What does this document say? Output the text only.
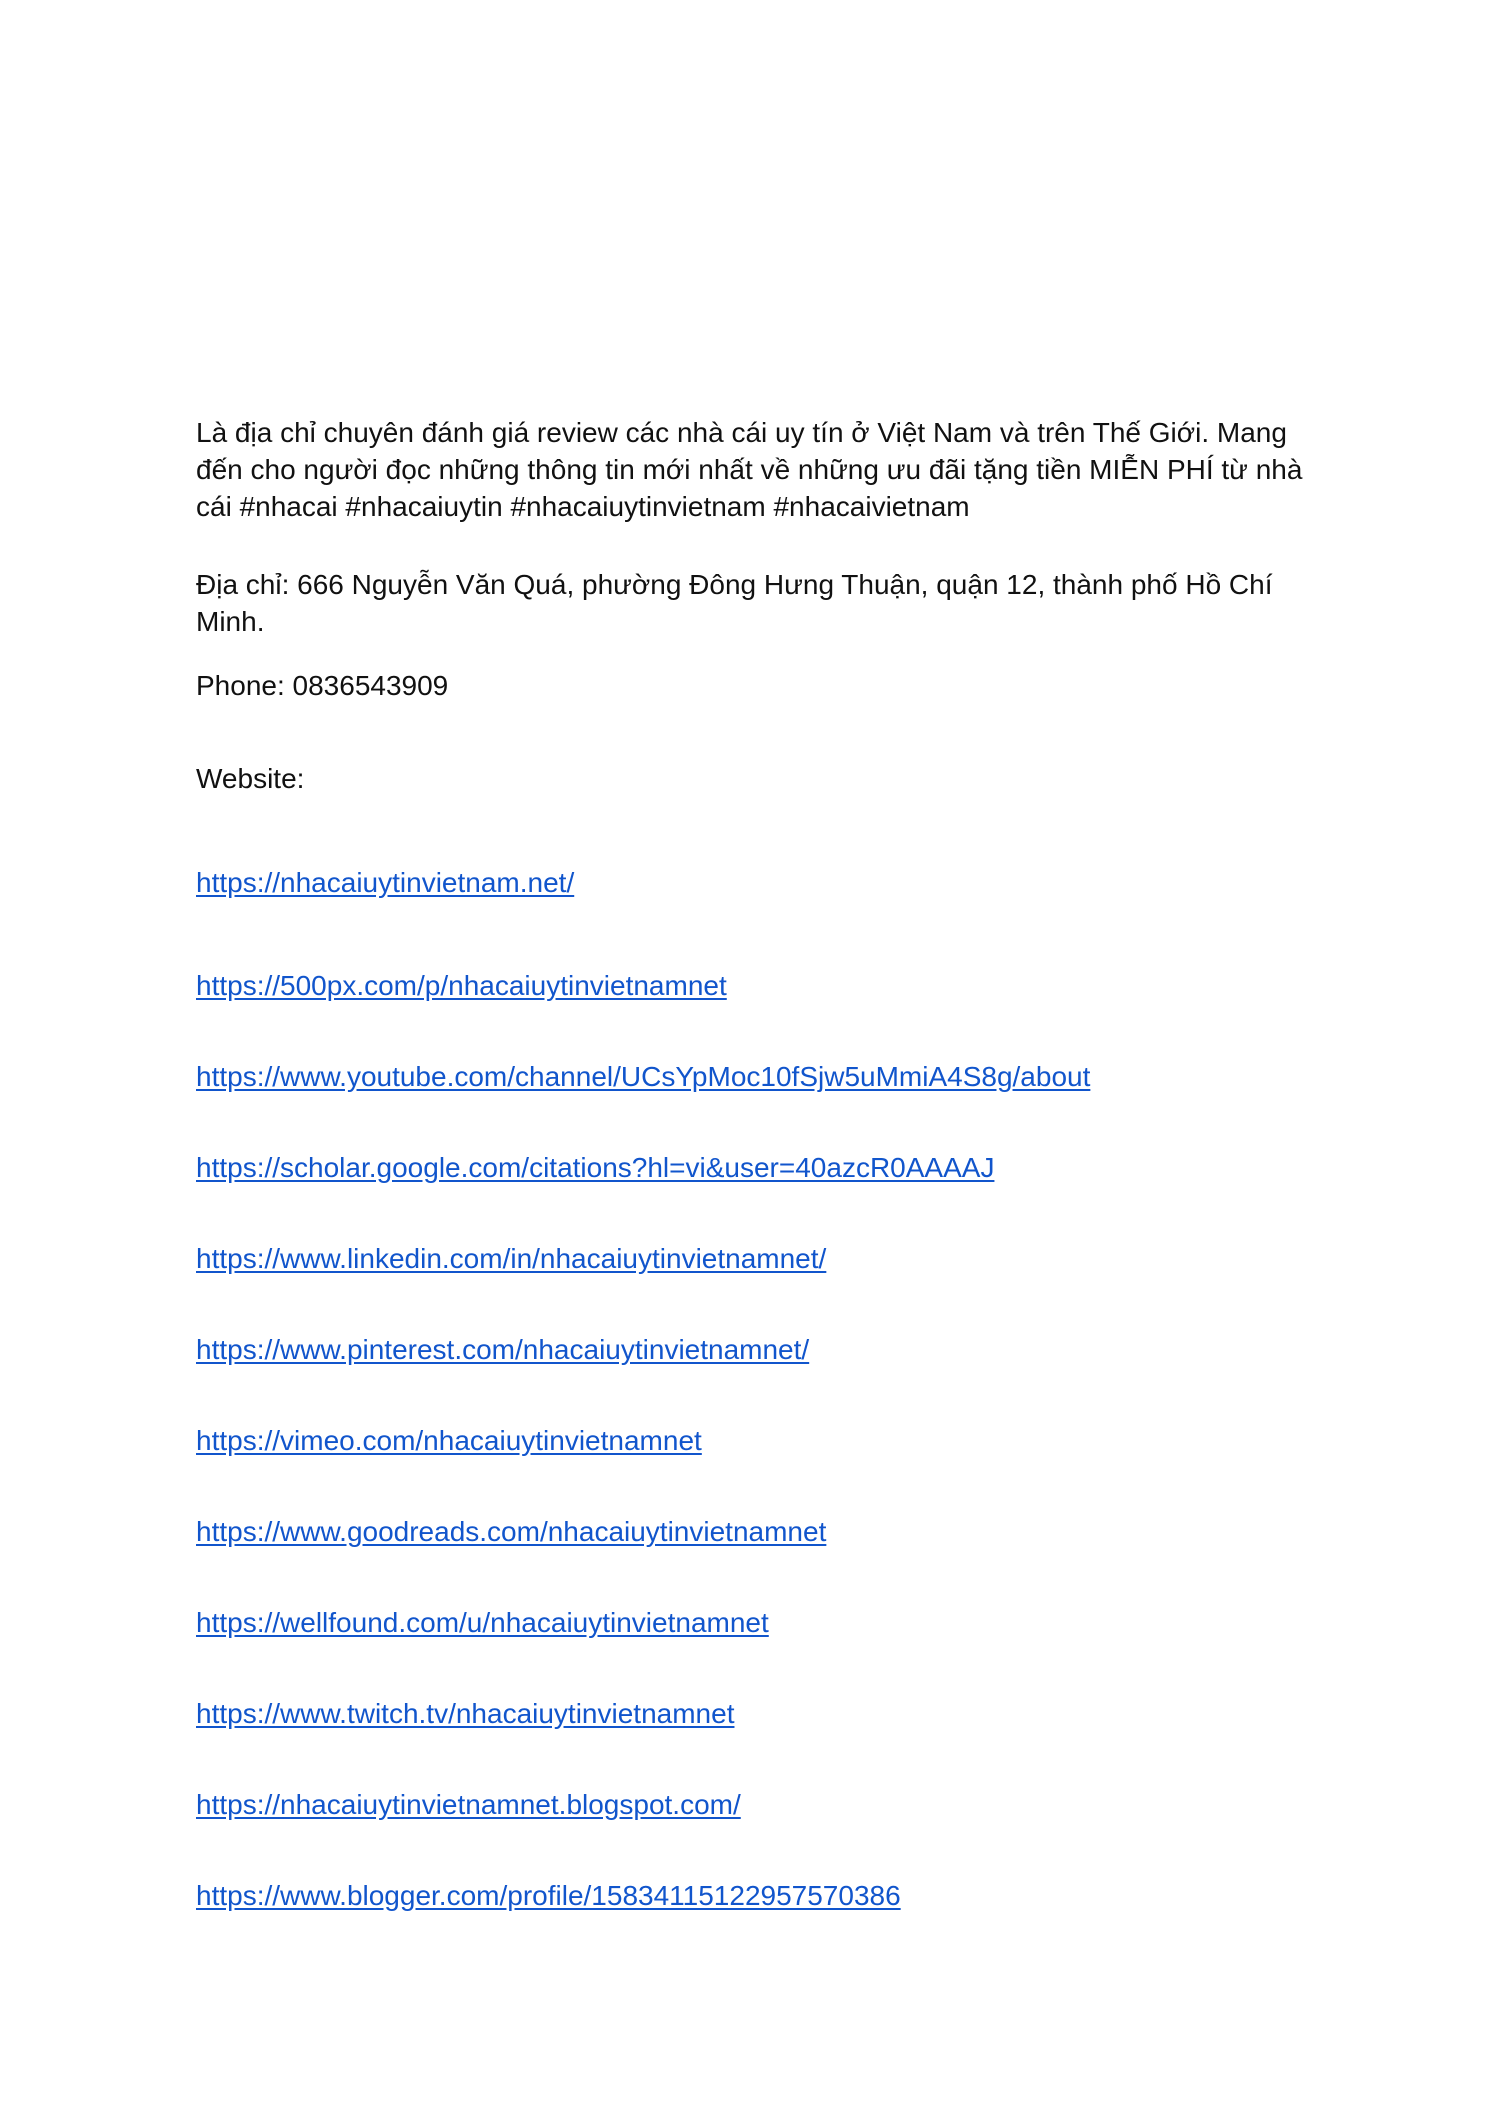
Là địa chỉ chuyên đánh giá review các nhà cái uy tín ở Việt Nam và trên Thế Giới. Mang đến cho người đọc những thông tin mới nhất về những ưu đãi tặng tiền MIỄN PHÍ từ nhà cái #nhacai #nhacaiuytin #nhacaiuytinvietnam #nhacaivietnam

Địa chỉ: 666 Nguyễn Văn Quá, phường Đông Hưng Thuận, quận 12, thành phố Hồ Chí Minh.

Phone: 0836543909

Website:

https://nhacaiuytinvietnam.net/
https://500px.com/p/nhacaiuytinvietnamnet
https://www.youtube.com/channel/UCsYpMoc10fSjw5uMmiA4S8g/about
https://scholar.google.com/citations?hl=vi&user=40azcR0AAAAJ
https://www.linkedin.com/in/nhacaiuytinvietnamnet/
https://www.pinterest.com/nhacaiuytinvietnamnet/
https://vimeo.com/nhacaiuytinvietnamnet
https://www.goodreads.com/nhacaiuytinvietnamnet
https://wellfound.com/u/nhacaiuytinvietnamnet
https://www.twitch.tv/nhacaiuytinvietnamnet
https://nhacaiuytinvietnamnet.blogspot.com/
https://www.blogger.com/profile/15834115122957570386
